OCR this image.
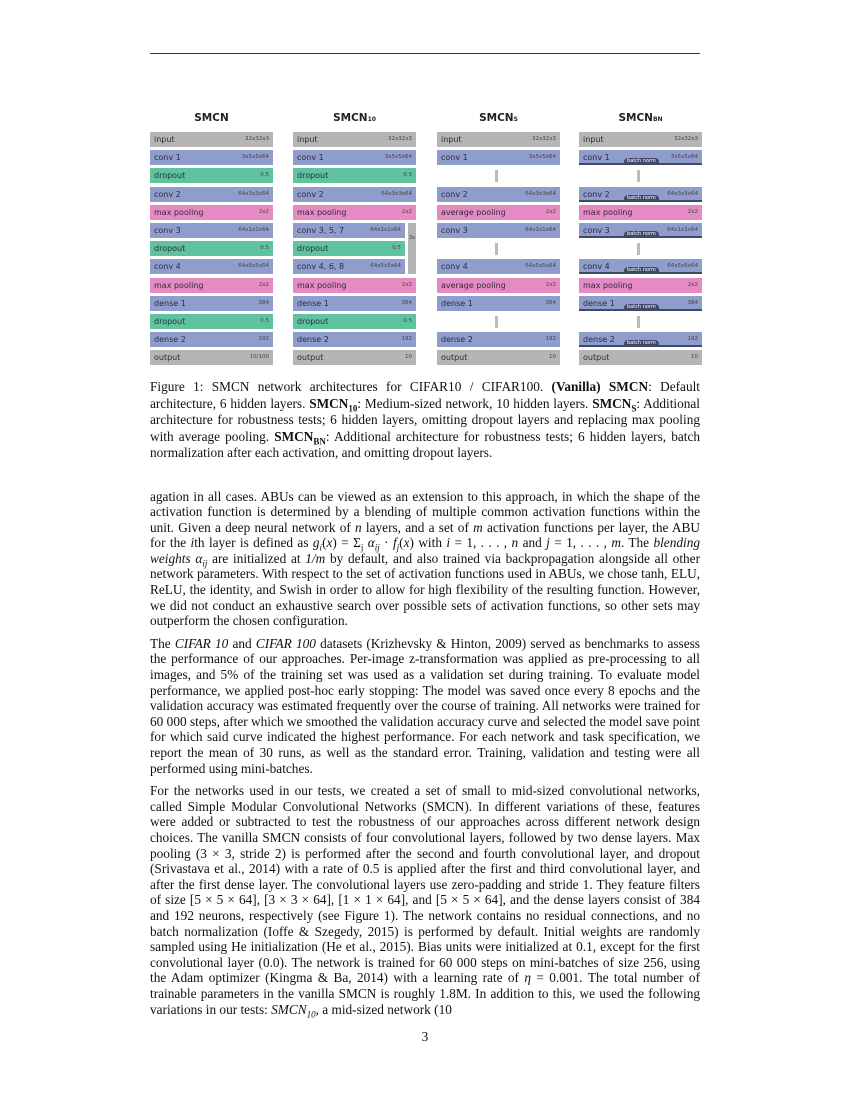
SMCN
input	32x32x3
conv 1	3x5x5x64
dropout	0.5
conv 2	64x3x3x64
max pooling	2x2
conv 3	64x1x1x64
dropout	0.5
conv 4	64x5x5x64
max pooling	2x2
dense 1	384
dropout	0.5
dense 2	192
output	10/100
SMCN10
input	32x32x3
conv 1	3x5x5x64
dropout	0.5
conv 2	64x3x3x64
max pooling	2x2
conv 3, 5, 7	64x1x1x64
dropout	0.5
conv 4, 6, 8	64x5x5x64
max pooling	2x2
dense 1	384
dropout	0.5
dense 2	192
output	10
3x
SMCNS
input	32x32x3
conv 1	3x5x5x64
conv 2	64x3x3x64
average pooling	2x2
conv 3	64x1x1x64
conv 4	64x5x5x64
average pooling	2x2
dense 1	384
dense 2	192
output	10
SMCNBN
input	32x32x3
conv 1	3x5x5x64
batch norm
conv 2	64x3x3x64
batch norm
max pooling	2x2
conv 3	64x1x1x64
batch norm
conv 4	64x5x5x64
batch norm
max pooling	2x2
dense 1	384
batch norm
dense 2	192
batch norm
output	10

Figure 1: SMCN network architectures for CIFAR10 / CIFAR100. (Vanilla) SMCN: Default architecture, 6 hidden layers. $SMCN_{10}$: Medium-sized network, 10 hidden layers. $SMCN_S$: Additional architecture for robustness tests; 6 hidden layers, omitting dropout layers and replacing max pooling with average pooling. $SMCN_{BN}$: Additional architecture for robustness tests; 6 hidden layers, batch normalization after each activation, and omitting dropout layers.

agation in all cases. ABUs can be viewed as an extension to this approach, in which the shape of the activation function is determined by a blending of multiple common activation functions within the unit. Given a deep neural network of n layers, and a set of m activation functions per layer, the ABU for the ith layer is defined as $g_i(x) = \Sigma_j$ $\alpha_{ij} \cdot f_j(x)$ with i = 1, . . . , n and j = 1, . . . , m. The blending weights $\alpha_{ij}$ are initialized at 1/m by default, and also trained via backpropagation alongside all other network parameters. With respect to the set of activation functions used in ABUs, we chose tanh, ELU, ReLU, the identity, and Swish in order to allow for high flexibility of the resulting function. However, we did not conduct an exhaustive search over possible sets of activation functions, so other sets may outperform the chosen configuration.

The CIFAR 10 and CIFAR 100 datasets (Krizhevsky & Hinton, 2009) served as benchmarks to assess the performance of our approaches. Per-image z-transformation was applied as pre-processing to all images, and 5% of the training set was used as a validation set during training. To evaluate model performance, we applied post-hoc early stopping: The model was saved once every 8 epochs and the validation accuracy was estimated frequently over the course of training. All networks were trained for 60 000 steps, after which we smoothed the validation accuracy curve and selected the model save point for which said curve indicated the highest performance. For each network and task specification, we report the mean of 30 runs, as well as the standard error. Training, validation and testing were all performed using mini-batches.

For the networks used in our tests, we created a set of small to mid-sized convolutional networks, called Simple Modular Convolutional Networks (SMCN). In different variations of these, features were added or subtracted to test the robustness of our approaches across different network design choices. The vanilla SMCN consists of four convolutional layers, followed by two dense layers. Max pooling (3 × 3, stride 2) is performed after the second and fourth convolutional layer, and dropout (Srivastava et al., 2014) with a rate of 0.5 is applied after the first and third convolutional layer, and after the first dense layer. The convolutional layers use zero-padding and stride 1. They feature filters of size [5 × 5 × 64], [3 × 3 × 64], [1 × 1 × 64], and [5 × 5 × 64], and the dense layers consist of 384 and 192 neurons, respectively (see Figure 1). The network contains no residual connections, and no batch normalization (Ioffe & Szegedy, 2015) is performed by default. Initial weights are randomly sampled using He initialization (He et al., 2015). Bias units were initialized at 0.1, except for the first convolutional layer (0.0). The network is trained for 60 000 steps on mini-batches of size 256, using the Adam optimizer (Kingma & Ba, 2014) with a learning rate of η = 0.001. The total number of trainable parameters in the vanilla SMCN is roughly 1.8M. In addition to this, we used the following variations in our tests: $SMCN_{10}$, a mid-sized network (10

3
